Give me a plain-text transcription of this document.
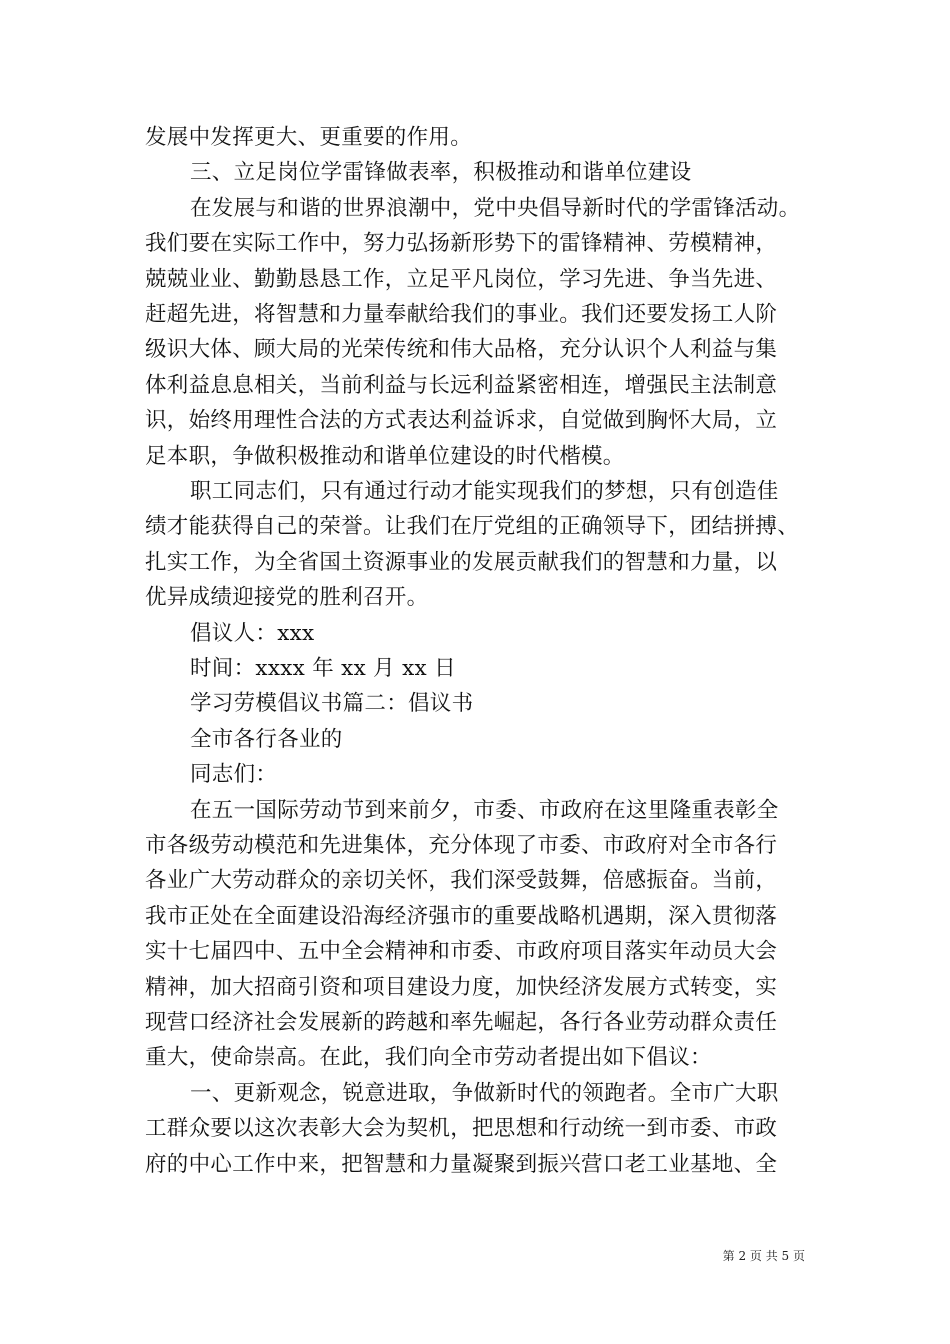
发展中发挥更大、更重要的作用。
三、立足岗位学雷锋做表率，积极推动和谐单位建设
在发展与和谐的世界浪潮中，党中央倡导新时代的学雷锋活动。
我们要在实际工作中，努力弘扬新形势下的雷锋精神、劳模精神，
兢兢业业、勤勤恳恳工作，立足平凡岗位，学习先进、争当先进、
赶超先进，将智慧和力量奉献给我们的事业。我们还要发扬工人阶
级识大体、顾大局的光荣传统和伟大品格，充分认识个人利益与集
体利益息息相关，当前利益与长远利益紧密相连，增强民主法制意
识，始终用理性合法的方式表达利益诉求，自觉做到胸怀大局，立
足本职，争做积极推动和谐单位建设的时代楷模。
职工同志们，只有通过行动才能实现我们的梦想，只有创造佳
绩才能获得自己的荣誉。让我们在厅党组的正确领导下，团结拼搏、
扎实工作，为全省国土资源事业的发展贡献我们的智慧和力量，以
优异成绩迎接党的胜利召开。
倡议人：xxx
时间：xxxx 年 xx 月 xx 日
学习劳模倡议书篇二：倡议书
全市各行各业的
同志们：
在五一国际劳动节到来前夕，市委、市政府在这里隆重表彰全
市各级劳动模范和先进集体，充分体现了市委、市政府对全市各行
各业广大劳动群众的亲切关怀，我们深受鼓舞，倍感振奋。当前，
我市正处在全面建设沿海经济强市的重要战略机遇期，深入贯彻落
实十七届四中、五中全会精神和市委、市政府项目落实年动员大会
精神，加大招商引资和项目建设力度，加快经济发展方式转变，实
现营口经济社会发展新的跨越和率先崛起，各行各业劳动群众责任
重大，使命崇高。在此，我们向全市劳动者提出如下倡议：
一、更新观念，锐意进取，争做新时代的领跑者。全市广大职
工群众要以这次表彰大会为契机，把思想和行动统一到市委、市政
府的中心工作中来，把智慧和力量凝聚到振兴营口老工业基地、全
第 2 页 共 5 页
